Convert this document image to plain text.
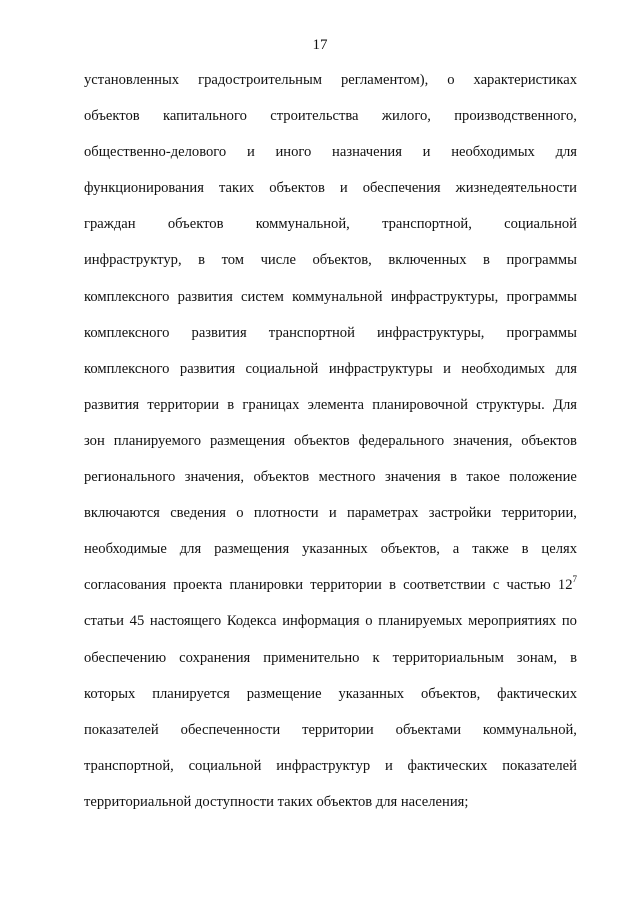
17
установленных градостроительным регламентом), о характеристиках
объектов капитального строительства жилого, производственного,
общественно-делового и иного назначения и необходимых для
функционирования таких объектов и обеспечения жизнедеятельности
граждан объектов коммунальной, транспортной, социальной
инфраструктур, в том числе объектов, включенных в программы
комплексного развития систем коммунальной инфраструктуры, программы
комплексного развития транспортной инфраструктуры, программы
комплексного развития социальной инфраструктуры и необходимых для
развития территории в границах элемента планировочной структуры. Для
зон планируемого размещения объектов федерального значения, объектов
регионального значения, объектов местного значения в такое положение
включаются сведения о плотности и параметрах застройки территории,
необходимые для размещения указанных объектов, а также в целях
согласования проекта планировки территории в соответствии с частью $12^7$
статьи 45 настоящего Кодекса информация о планируемых мероприятиях по
обеспечению сохранения применительно к территориальным зонам, в
которых планируется размещение указанных объектов, фактических
показателей обеспеченности территории объектами коммунальной,
транспортной, социальной инфраструктур и фактических показателей
территориальной доступности таких объектов для населения;
